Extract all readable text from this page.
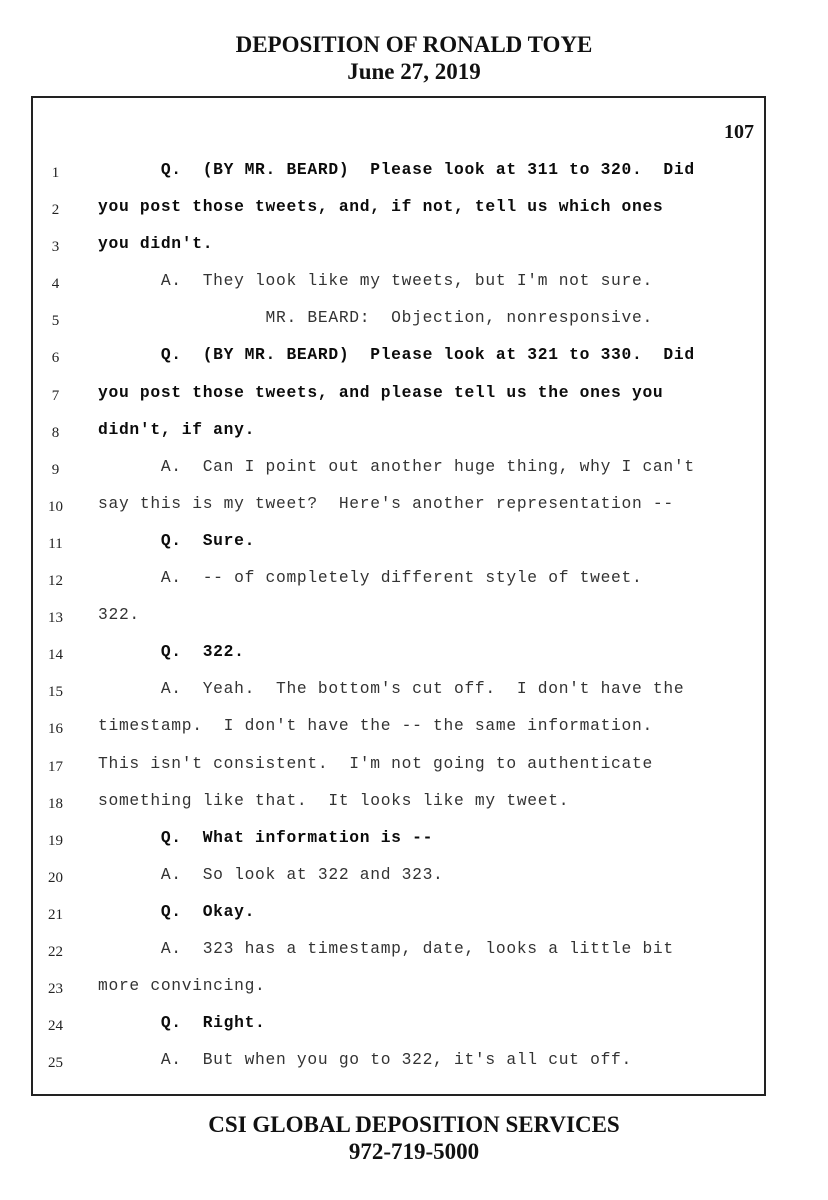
DEPOSITION OF RONALD TOYE
June 27, 2019
107
1	Q.  (BY MR. BEARD)  Please look at 311 to 320.  Did
2	you post those tweets, and, if not, tell us which ones
3	you didn't.
4	A.  They look like my tweets, but I'm not sure.
5	MR. BEARD:  Objection, nonresponsive.
6	Q.  (BY MR. BEARD)  Please look at 321 to 330.  Did
7	you post those tweets, and please tell us the ones you
8	didn't, if any.
9	A.  Can I point out another huge thing, why I can't
10	say this is my tweet?  Here's another representation --
11	Q.  Sure.
12	A.  -- of completely different style of tweet.
13	322.
14	Q.  322.
15	A.  Yeah.  The bottom's cut off.  I don't have the
16	timestamp.  I don't have the -- the same information.
17	This isn't consistent.  I'm not going to authenticate
18	something like that.  It looks like my tweet.
19	Q.  What information is --
20	A.  So look at 322 and 323.
21	Q.  Okay.
22	A.  323 has a timestamp, date, looks a little bit
23	more convincing.
24	Q.  Right.
25	A.  But when you go to 322, it's all cut off.
CSI GLOBAL DEPOSITION SERVICES
972-719-5000
